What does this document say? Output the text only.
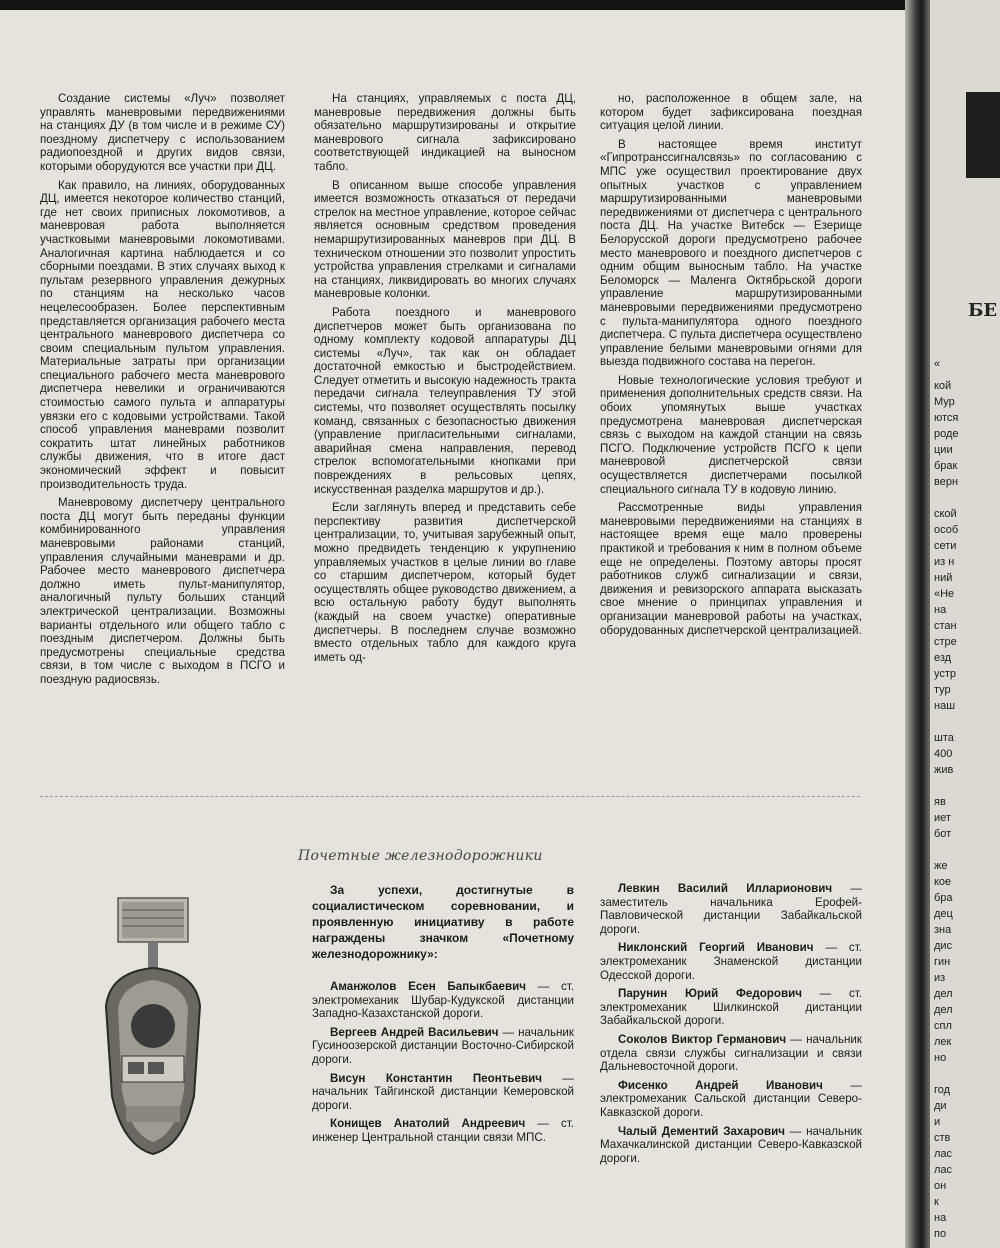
Создание системы «Луч» позволяет управлять маневровыми передвижениями на станциях ДУ (в том числе и в режиме СУ) поездному диспетчеру с использованием радиопоездной и других видов связи, которыми оборудуются все участки при ДЦ.

Как правило, на линиях, оборудованных ДЦ, имеется некоторое количество станций, где нет своих приписных локомотивов, а маневровая работа выполняется участковыми маневровыми локомотивами. Аналогичная картина наблюдается и со сборными поездами. В этих случаях выход к пультам резервного управления дежурных по станциям на несколько часов нецелесообразен. Более перспективным представляется организация рабочего места центрального маневрового диспетчера со своим специальным пультом управления. Материальные затраты при организации специального рабочего места маневрового диспетчера невелики и ограничиваются стоимостью самого пульта и аппаратуры увязки его с кодовыми устройствами. Такой способ управления маневрами позволит сократить штат линейных работников службы движения, что в итоге даст экономический эффект и повысит производительность труда.

Маневровому диспетчеру центрального поста ДЦ могут быть переданы функции комбинированного управления маневровыми районами станций, управления случайными маневрами и др. Рабочее место маневрового диспетчера должно иметь пульт-манипулятор, аналогичный пульту больших станций электрической централизации. Возможны варианты отдельного или общего табло с поездным диспетчером. Должны быть предусмотрены специальные средства связи, в том числе с выходом в ПСГО и поездную радиосвязь.

На станциях, управляемых с поста ДЦ, маневровые передвижения должны быть обязательно маршрутизированы и открытие маневрового сигнала зафиксировано соответствующей индикацией на выносном табло.

В описанном выше способе управления имеется возможность отказаться от передачи стрелок на местное управление, которое сейчас является основным средством проведения немаршрутизированных маневров при ДЦ. В техническом отношении это позволит упростить устройства управления стрелками и сигналами на станциях, ликвидировать во многих случаях маневровые колонки.

Работа поездного и маневрового диспетчеров может быть организована по одному комплекту кодовой аппаратуры ДЦ системы «Луч», так как он обладает достаточной емкостью и быстродействием. Следует отметить и высокую надежность тракта передачи сигнала телеуправления ТУ этой системы, что позволяет осуществлять посылку команд, связанных с безопасностью движения (управление пригласительными сигналами, аварийная смена направления, перевод стрелок вспомогательными кнопками при повреждениях в рельсовых цепях, искусственная разделка маршрутов и др.).

Если заглянуть вперед и представить себе перспективу развития диспетчерской централизации, то, учитывая зарубежный опыт, можно предвидеть тенденцию к укрупнению управляемых участков в целые линии во главе со старшим диспетчером, который будет осуществлять общее руководство движением, а всю остальную работу будут выполнять (каждый на своем участке) оперативные диспетчеры. В последнем случае возможно вместо отдельных табло для каждого круга иметь од-

но, расположенное в общем зале, на котором будет зафиксирована поездная ситуация целой линии.

В настоящее время институт «Гипротранссигналсвязь» по согласованию с МПС уже осуществил проектирование двух опытных участков с управлением маршрутизированными маневровыми передвижениями от диспетчера с центрального поста ДЦ. На участке Витебск — Езерище Белорусской дороги предусмотрено рабочее место маневрового и поездного диспетчеров с одним общим выносным табло. На участке Беломорск — Маленга Октябрьской дороги управление маршрутизированными маневровыми передвижениями предусмотрено с пульта-манипулятора одного поездного диспетчера. С пульта диспетчера осуществлено управление белыми маневровыми огнями для выезда подвижного состава на перегон.

Новые технологические условия требуют и применения дополнительных средств связи. На обоих упомянутых выше участках предусмотрена маневровая диспетчерская связь с выходом на каждой станции на связь ПСГО. Подключение устройств ПСГО к цепи маневровой диспетчерской связи осуществляется диспетчерами посылкой специального сигнала ТУ в кодовую линию.

Рассмотренные виды управления маневровыми передвижениями на станциях в настоящее время еще мало проверены практикой и требования к ним в полном объеме еще не определены. Поэтому авторы просят работников служб сигнализации и связи, движения и ревизорского аппарата высказать свое мнение о принципах управления и организации маневровой работы на участках, оборудованных диспетчерской централизацией.

Почетные железнодорожники
За успехи, достигнутые в социалистическом соревновании, и проявленную инициативу в работе награждены значком «Почетному железнодорожнику»:

Аманжолов Есен Бапыкбаевич — ст. электромеханик Шубар-Кудукской дистанции Западно-Казахстанской дороги.

Вергеев Андрей Васильевич — начальник Гусиноозерской дистанции Восточно-Сибирской дороги.

Висун Константин Пеонтьевич — начальник Тайгинской дистанции Кемеровской дороги.

Конищев Анатолий Андреевич — ст. инженер Центральной станции связи МПС.

Левкин Василий Илларионович — заместитель начальника Ерофей-Павловической дистанции Забайкальской дороги.

Никлонский Георгий Иванович — ст. электромеханик Знаменской дистанции Одесской дороги.

Парунин Юрий Федорович — ст. электромеханик Шилкинской дистанции Забайкальской дороги.

Соколов Виктор Германович — начальник отдела связи службы сигнализации и связи Дальневосточной дороги.

Фисенко Андрей Иванович — электромеханик Сальской дистанции Северо-Кавказской дороги.

Чалый Дементий Захарович — начальник Махачкалинской дистанции Северо-Кавказской дороги.

БЕ
«
кой
Мур
ются
роде
ции
брак
верн
ской
особ
сети
из н
ний
«Не
на
стан
стре
езд
устр
тур
наш
шта
400
жив
яв
иет
бот
же
кое
бра
дец
зна
дис
гин
из
дел
дел
спл
лек
но
год
ди
и
ств
лас
лас
он
к
на
по
